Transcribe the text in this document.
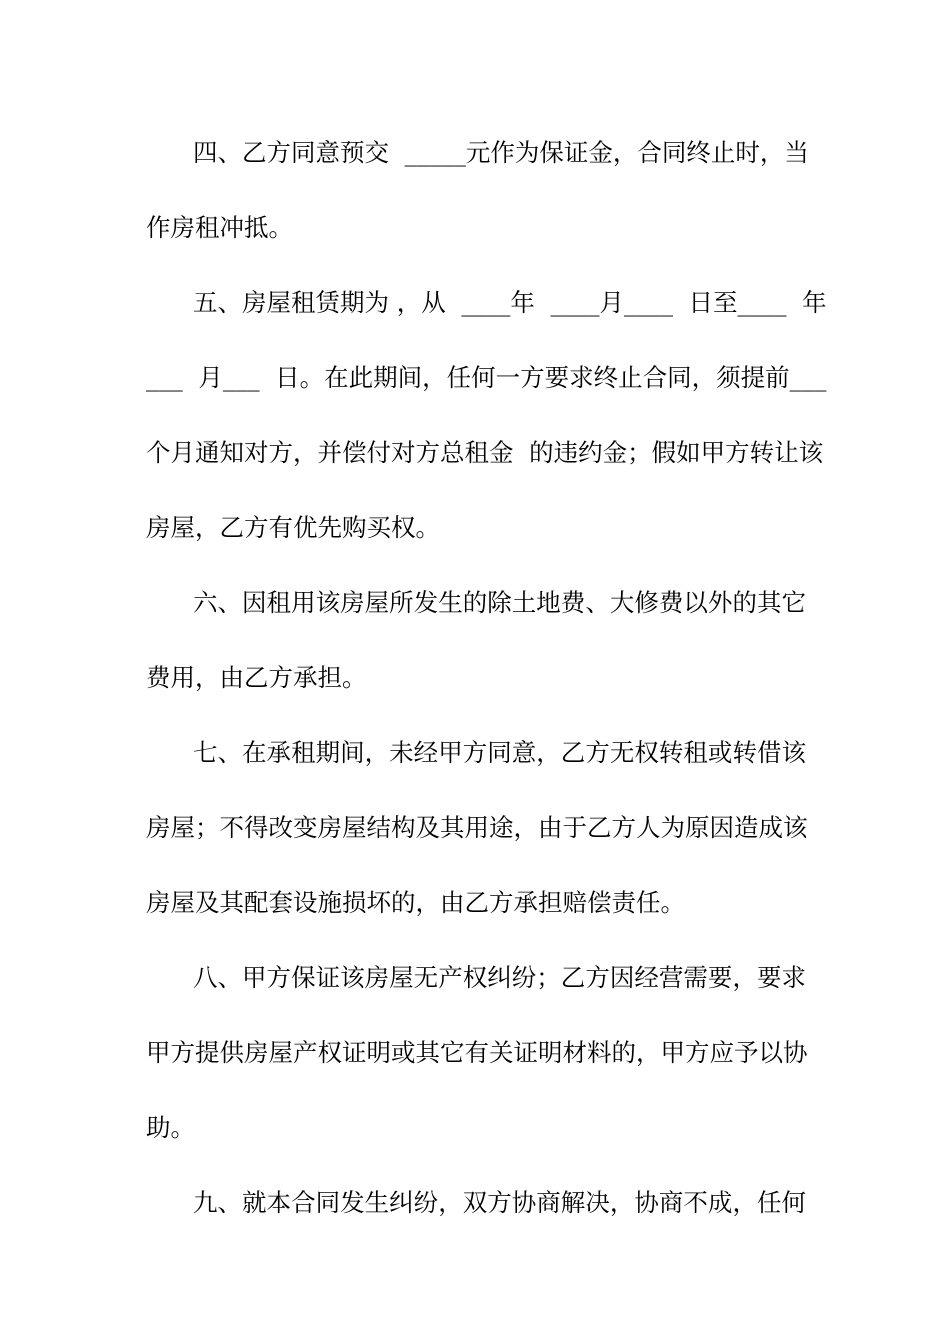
四、乙方同意预交  _____元作为保证金，合同终止时，当
作房租冲抵。
五、房屋租赁期为 ，从  ____年  ____月____  日至____  年
___  月___  日。在此期间，任何一方要求终止合同，须提前___
个月通知对方，并偿付对方总租金  的违约金；假如甲方转让该
房屋，乙方有优先购买权。
六、因租用该房屋所发生的除土地费、大修费以外的其它
费用，由乙方承担。
七、在承租期间，未经甲方同意，乙方无权转租或转借该
房屋；不得改变房屋结构及其用途，由于乙方人为原因造成该
房屋及其配套设施损坏的，由乙方承担赔偿责任。
八、甲方保证该房屋无产权纠纷；乙方因经营需要，要求
甲方提供房屋产权证明或其它有关证明材料的，甲方应予以协
助。
九、就本合同发生纠纷，双方协商解决，协商不成，任何
